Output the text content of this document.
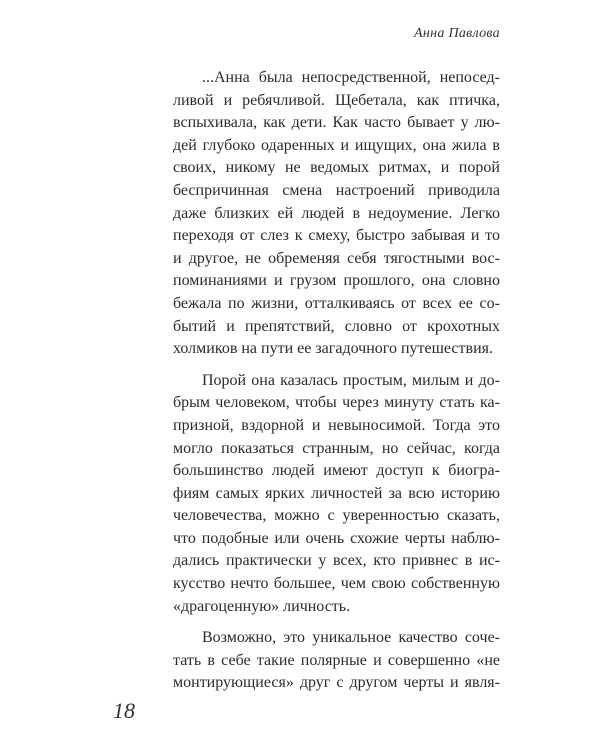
Анна Павлова
...Анна была непосредственной, непосед-
ливой и ребячливой. Щебетала, как птичка,
вспыхивала, как дети. Как часто бывает у лю-
дей глубоко одаренных и ищущих, она жила в
своих, никому не ведомых ритмах, и порой
беспричинная смена настроений приводила
даже близких ей людей в недоумение. Легко
переходя от слез к смеху, быстро забывая и то
и другое, не обременяя себя тягостными вос-
поминаниями и грузом прошлого, она словно
бежала по жизни, отталкиваясь от всех ее со-
бытий и препятствий, словно от крохотных
холмиков на пути ее загадочного путешествия.
Порой она казалась простым, милым и до-
брым человеком, чтобы через минуту стать ка-
призной, вздорной и невыносимой. Тогда это
могло показаться странным, но сейчас, когда
большинство людей имеют доступ к биогра-
фиям самых ярких личностей за всю историю
человечества, можно с уверенностью сказать,
что подобные или очень схожие черты наблю-
дались практически у всех, кто привнес в ис-
кусство нечто большее, чем свою собственную
«драгоценную» личность.
Возможно, это уникальное качество соче-
тать в себе такие полярные и совершенно «не
монтирующиеся» друг с другом черты и явля-
18
